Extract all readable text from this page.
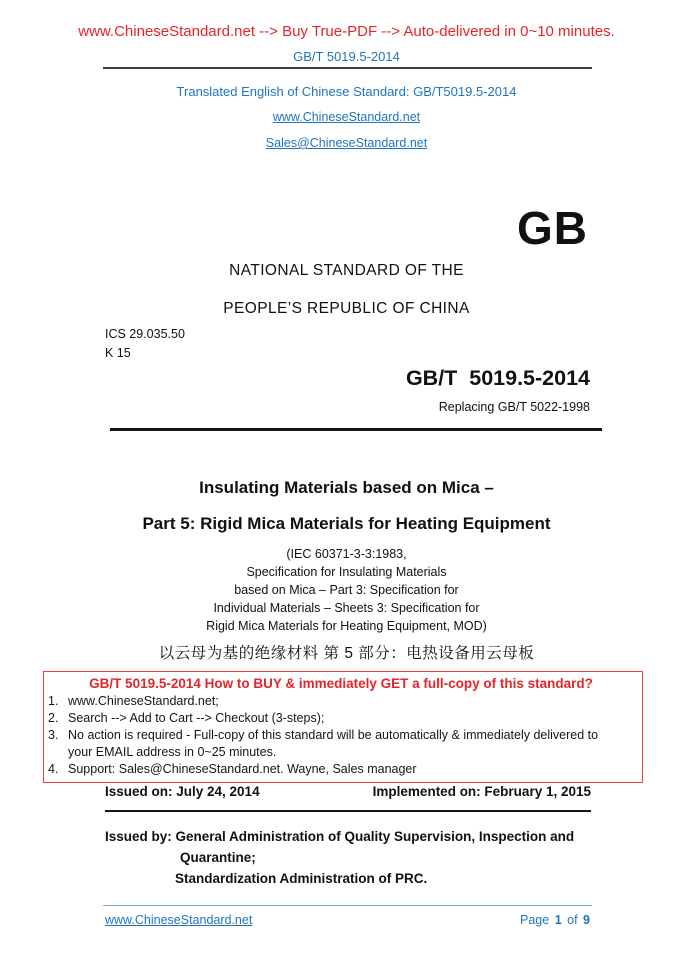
www.ChineseStandard.net --> Buy True-PDF --> Auto-delivered in 0~10 minutes.
GB/T 5019.5-2014
Translated English of Chinese Standard: GB/T5019.5-2014
www.ChineseStandard.net
Sales@ChineseStandard.net
GB
NATIONAL STANDARD OF THE
PEOPLE’S REPUBLIC OF CHINA
ICS 29.035.50
K 15
GB/T  5019.5-2014
Replacing GB/T 5022-1998
Insulating Materials based on Mica –
Part 5: Rigid Mica Materials for Heating Equipment
(IEC 60371-3-3:1983,
Specification for Insulating Materials
based on Mica – Part 3: Specification for
Individual Materials – Sheets 3: Specification for
Rigid Mica Materials for Heating Equipment, MOD)
以云母为基的绝缘材料 第 5 部分：电热设备用云母板
GB/T 5019.5-2014 How to BUY & immediately GET a full-copy of this standard?
1. www.ChineseStandard.net;
2. Search --> Add to Cart --> Checkout (3-steps);
3. No action is required - Full-copy of this standard will be automatically & immediately delivered to
your EMAIL address in 0~25 minutes.
4. Support: Sales@ChineseStandard.net. Wayne, Sales manager
Issued on: July 24, 2014	Implemented on: February 1, 2015
Issued by: General Administration of Quality Supervision, Inspection and
Quarantine;
Standardization Administration of PRC.
www.ChineseStandard.net	Page 1 of 9
